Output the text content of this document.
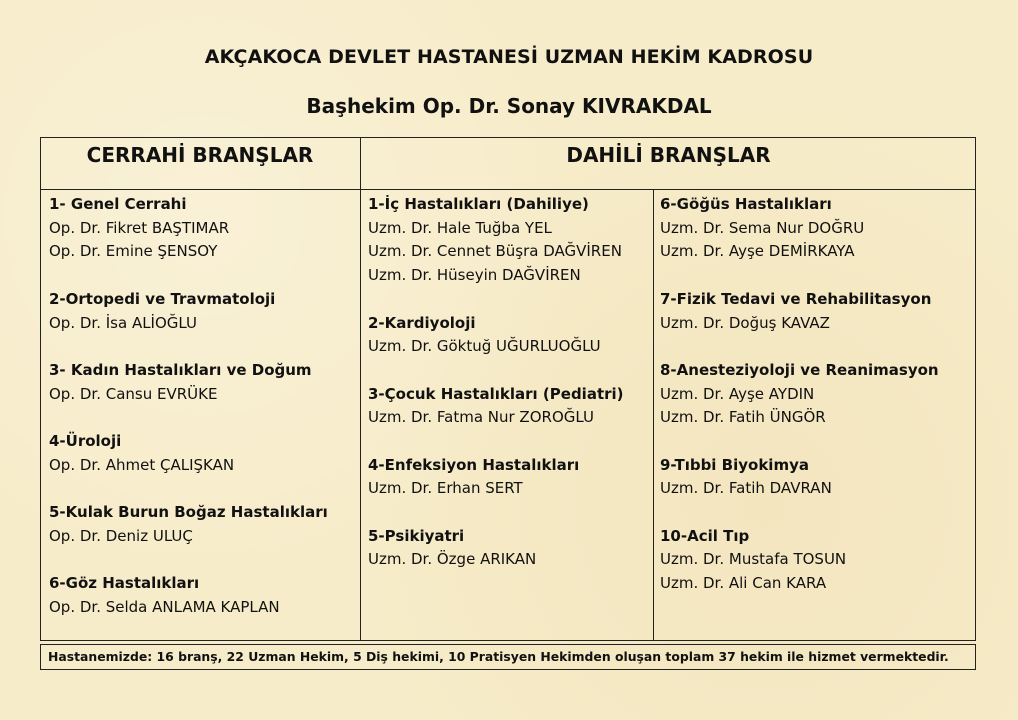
AKÇAKOCA DEVLET HASTANESİ UZMAN HEKİM KADROSU
Başhekim Op. Dr. Sonay KIVRAKDAL
CERRAHİ BRANŞLAR	DAHİLİ BRANŞLAR
1- Genel Cerrahi
Op. Dr. Fikret BAŞTIMAR
Op. Dr. Emine ŞENSOY
2-Ortopedi ve Travmatoloji
Op. Dr. İsa ALİOĞLU
3- Kadın Hastalıkları ve Doğum
Op. Dr. Cansu EVRÜKE
4-Üroloji
Op. Dr. Ahmet ÇALIŞKAN
5-Kulak Burun Boğaz Hastalıkları
Op. Dr. Deniz ULUÇ
6-Göz Hastalıkları
Op. Dr. Selda ANLAMA KAPLAN
1-İç Hastalıkları (Dahiliye)
Uzm. Dr. Hale Tuğba YEL
Uzm. Dr. Cennet Büşra DAĞVİREN
Uzm. Dr. Hüseyin DAĞVİREN
2-Kardiyoloji
Uzm. Dr. Göktuğ UĞURLUOĞLU
3-Çocuk Hastalıkları (Pediatri)
Uzm. Dr. Fatma Nur ZOROĞLU
4-Enfeksiyon Hastalıkları
Uzm. Dr. Erhan SERT
5-Psikiyatri
Uzm. Dr. Özge ARIKAN
6-Göğüs Hastalıkları
Uzm. Dr. Sema Nur DOĞRU
Uzm. Dr. Ayşe DEMİRKAYA
7-Fizik Tedavi ve Rehabilitasyon
Uzm. Dr. Doğuş KAVAZ
8-Anesteziyoloji ve Reanimasyon
Uzm. Dr. Ayşe AYDIN
Uzm. Dr. Fatih ÜNGÖR
9-Tıbbi Biyokimya
Uzm. Dr. Fatih DAVRAN
10-Acil Tıp
Uzm. Dr. Mustafa TOSUN
Uzm. Dr. Ali Can KARA
Hastanemizde: 16 branş, 22 Uzman Hekim, 5 Diş hekimi, 10 Pratisyen Hekimden oluşan toplam 37 hekim ile hizmet vermektedir.
